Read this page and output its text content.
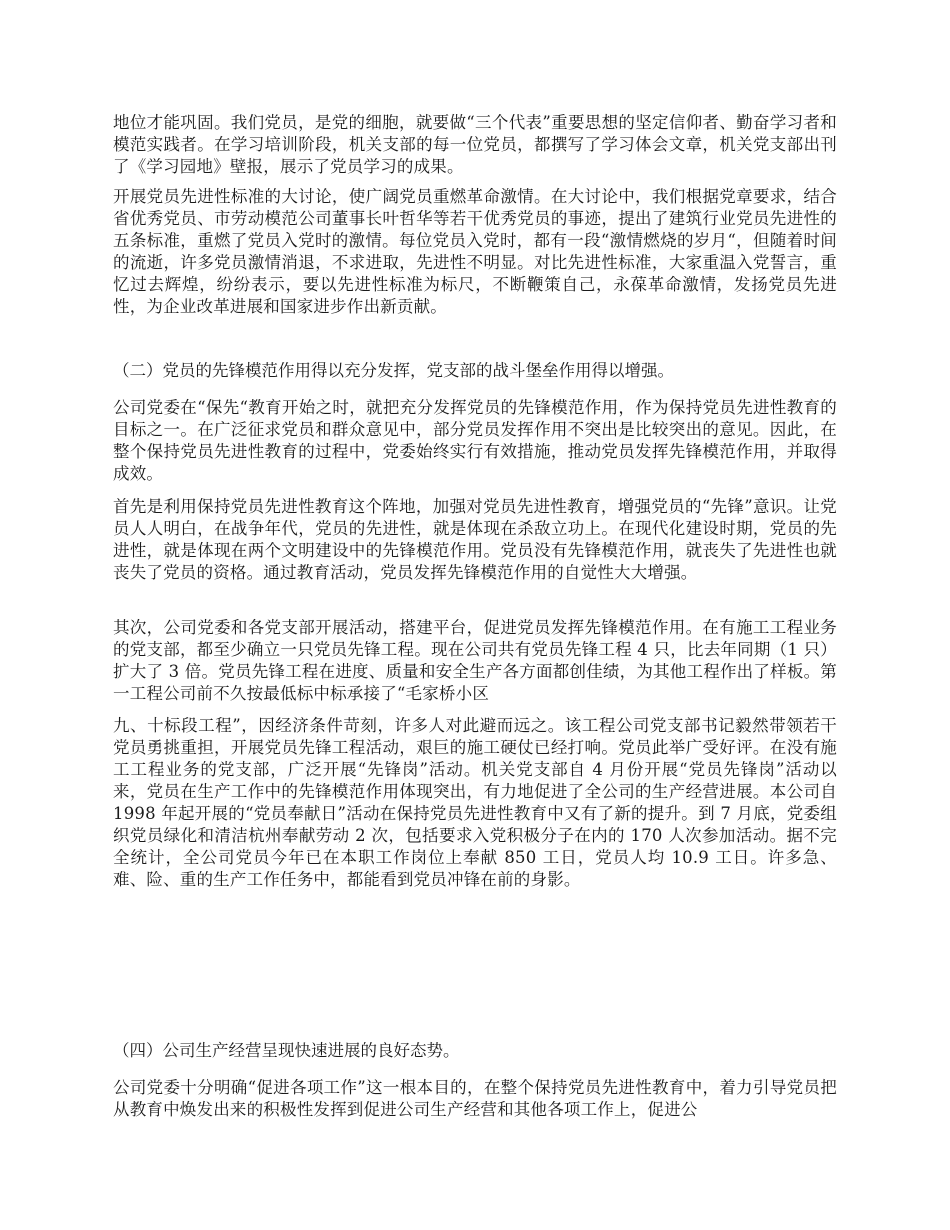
地位才能巩固。我们党员，是党的细胞，就要做“三个代表”重要思想的坚定信仰者、勤奋学习者和模范实践者。在学习培训阶段，机关支部的每一位党员，都撰写了学习体会文章，机关党支部出刊了《学习园地》壁报，展示了党员学习的成果。

开展党员先进性标准的大讨论，使广阔党员重燃革命激情。在大讨论中，我们根据党章要求，结合省优秀党员、市劳动模范公司董事长叶哲华等若干优秀党员的事迹，提出了建筑行业党员先进性的五条标准，重燃了党员入党时的激情。每位党员入党时，都有一段“激情燃烧的岁月“，但随着时间的流逝，许多党员激情消退，不求进取，先进性不明显。对比先进性标准，大家重温入党誓言，重忆过去辉煌，纷纷表示，要以先进性标准为标尺，不断鞭策自己，永葆革命激情，发扬党员先进性，为企业改革进展和国家进步作出新贡献。

（二）党员的先锋模范作用得以充分发挥，党支部的战斗堡垒作用得以增强。

公司党委在“保先“教育开始之时，就把充分发挥党员的先锋模范作用，作为保持党员先进性教育的目标之一。在广泛征求党员和群众意见中，部分党员发挥作用不突出是比较突出的意见。因此，在整个保持党员先进性教育的过程中，党委始终实行有效措施，推动党员发挥先锋模范作用，并取得成效。

首先是利用保持党员先进性教育这个阵地，加强对党员先进性教育，增强党员的“先锋”意识。让党员人人明白，在战争年代，党员的先进性，就是体现在杀敌立功上。在现代化建设时期，党员的先进性，就是体现在两个文明建设中的先锋模范作用。党员没有先锋模范作用，就丧失了先进性也就丧失了党员的资格。通过教育活动，党员发挥先锋模范作用的自觉性大大增强。

其次，公司党委和各党支部开展活动，搭建平台，促进党员发挥先锋模范作用。在有施工工程业务的党支部，都至少确立一只党员先锋工程。现在公司共有党员先锋工程 4 只，比去年同期（1 只）扩大了 3 倍。党员先锋工程在进度、质量和安全生产各方面都创佳绩，为其他工程作出了样板。第一工程公司前不久按最低标中标承接了“毛家桥小区

九、十标段工程”，因经济条件苛刻，许多人对此避而远之。该工程公司党支部书记毅然带领若干党员勇挑重担，开展党员先锋工程活动，艰巨的施工硬仗已经打响。党员此举广受好评。在没有施工工程业务的党支部，广泛开展“先锋岗”活动。机关党支部自 4 月份开展“党员先锋岗”活动以来，党员在生产工作中的先锋模范作用体现突出，有力地促进了全公司的生产经营进展。本公司自 1998 年起开展的“党员奉献日”活动在保持党员先进性教育中又有了新的提升。到 7 月底，党委组织党员绿化和清洁杭州奉献劳动 2 次，包括要求入党积极分子在内的 170 人次参加活动。据不完全统计，全公司党员今年已在本职工作岗位上奉献 850 工日，党员人均 10.9 工日。许多急、难、险、重的生产工作任务中，都能看到党员冲锋在前的身影。

（四）公司生产经营呈现快速进展的良好态势。

公司党委十分明确“促进各项工作”这一根本目的，在整个保持党员先进性教育中，着力引导党员把从教育中焕发出来的积极性发挥到促进公司生产经营和其他各项工作上，促进公
